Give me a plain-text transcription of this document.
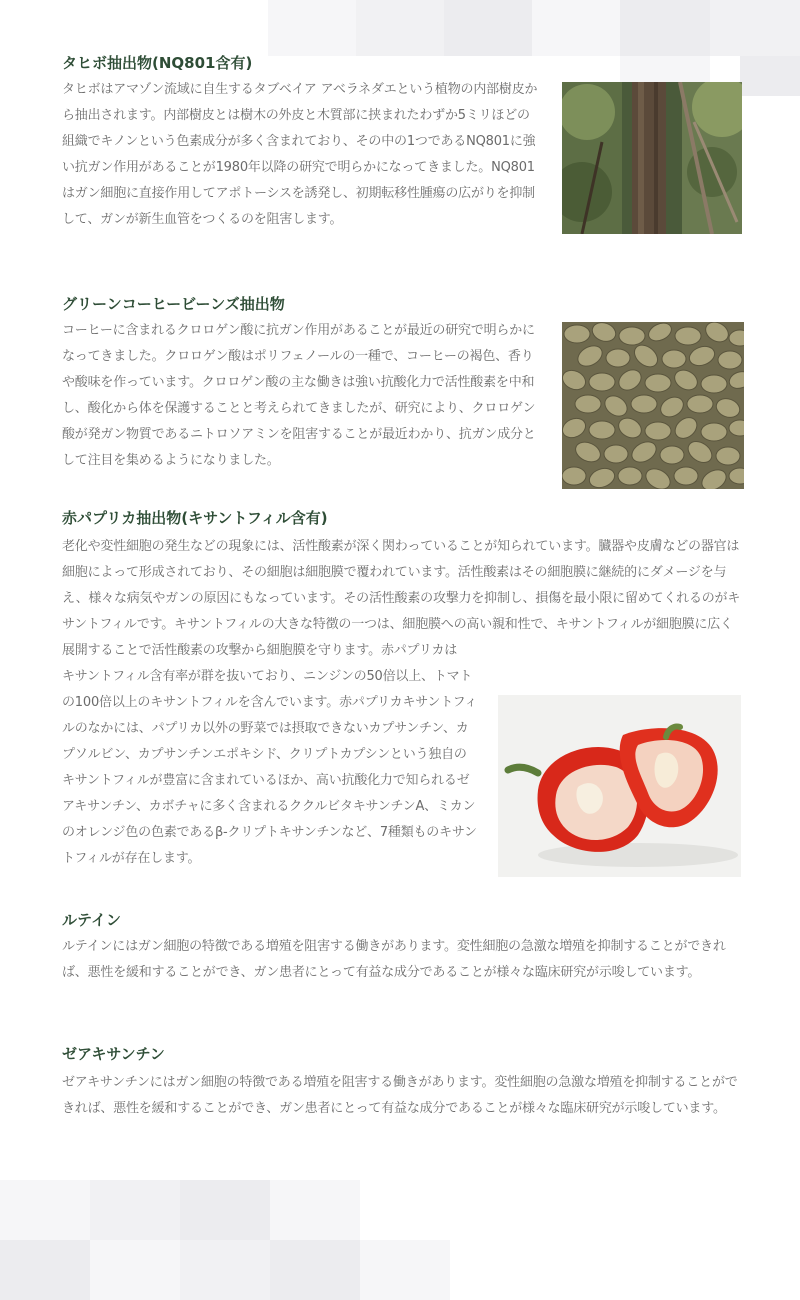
タヒボ抽出物(NQ801含有)

タヒボはアマゾン流域に自生するタブベイア アベラネダエという植物の内部樹皮から抽出されます。内部樹皮とは樹木の外皮と木質部に挟まれたわずか5ミリほどの組織でキノンという色素成分が多く含まれており、その中の1つであるNQ801に強い抗ガン作用があることが1980年以降の研究で明らかになってきました。NQ801はガン細胞に直接作用してアポトーシスを誘発し、初期転移性腫瘍の広がりを抑制して、ガンが新生血管をつくるのを阻害します。

グリーンコーヒービーンズ抽出物

コーヒーに含まれるクロロゲン酸に抗ガン作用があることが最近の研究で明らかになってきました。クロロゲン酸はポリフェノールの一種で、コーヒーの褐色、香りや酸味を作っています。クロロゲン酸の主な働きは強い抗酸化力で活性酸素を中和し、酸化から体を保護することと考えられてきましたが、研究により、クロロゲン酸が発ガン物質であるニトロソアミンを阻害することが最近わかり、抗ガン成分として注目を集めるようになりました。

赤パプリカ抽出物(キサントフィル含有)

老化や変性細胞の発生などの現象には、活性酸素が深く関わっていることが知られています。臓器や皮膚などの器官は細胞によって形成されており、その細胞は細胞膜で覆われています。活性酸素はその細胞膜に継続的にダメージを与え、様々な病気やガンの原因にもなっています。その活性酸素の攻撃力を抑制し、損傷を最小限に留めてくれるのがキサントフィルです。キサントフィルの大きな特徴の一つは、細胞膜への高い親和性で、キサントフィルが細胞膜に広く展開することで活性酸素の攻撃から細胞膜を守ります。赤パプリカは

キサントフィル含有率が群を抜いており、ニンジンの50倍以上、トマトの100倍以上のキサントフィルを含んでいます。赤パプリカキサントフィルのなかには、パプリカ以外の野菜では摂取できないカプサンチン、カプソルビン、カプサンチンエポキシド、クリプトカプシンという独自のキサントフィルが豊富に含まれているほか、高い抗酸化力で知られるゼアキサンチン、カボチャに多く含まれるククルビタキサンチンA、ミカンのオレンジ色の色素であるβ-クリプトキサンチンなど、7種類ものキサントフィルが存在します。

ルテイン

ルテインにはガン細胞の特徴である増殖を阻害する働きがあります。変性細胞の急激な増殖を抑制することができれば、悪性を緩和することができ、ガン患者にとって有益な成分であることが様々な臨床研究が示唆しています。

ゼアキサンチン

ゼアキサンチンにはガン細胞の特徴である増殖を阻害する働きがあります。変性細胞の急激な増殖を抑制することができれば、悪性を緩和することができ、ガン患者にとって有益な成分であることが様々な臨床研究が示唆しています。
